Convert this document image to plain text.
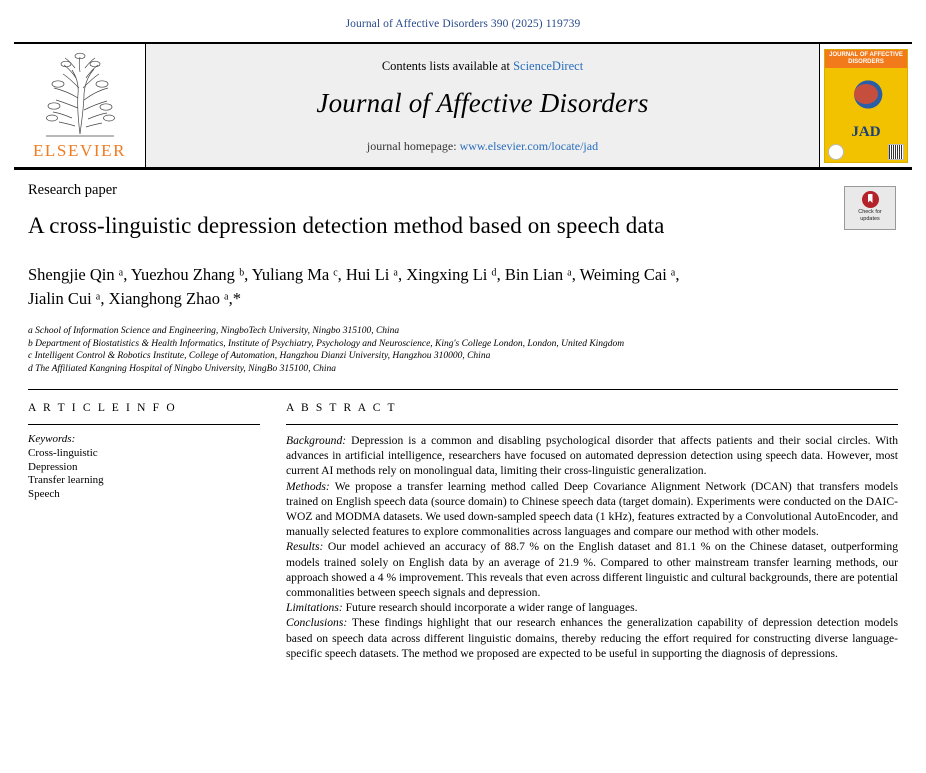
Journal of Affective Disorders 390 (2025) 119739
ELSEVIER
Contents lists available at ScienceDirect
Journal of Affective Disorders
journal homepage: www.elsevier.com/locate/jad
JOURNAL OF AFFECTIVE DISORDERS
JAD
Check for
updates
Research paper
A cross-linguistic depression detection method based on speech data
Shengjie Qin ᵃ, Yuezhou Zhang ᵇ, Yuliang Ma ᶜ, Hui Li ᵃ, Xingxing Li ᵈ, Bin Lian ᵃ, Weiming Cai ᵃ,
Jialin Cui ᵃ, Xianghong Zhao ᵃ,*
a School of Information Science and Engineering, NingboTech University, Ningbo 315100, China
b Department of Biostatistics & Health Informatics, Institute of Psychiatry, Psychology and Neuroscience, King's College London, London, United Kingdom
c Intelligent Control & Robotics Institute, College of Automation, Hangzhou Dianzi University, Hangzhou 310000, China
d The Affiliated Kangning Hospital of Ningbo University, NingBo 315100, China
A R T I C L E I N F O
Keywords:
Cross-linguistic
Depression
Transfer learning
Speech
A B S T R A C T
Background: Depression is a common and disabling psychological disorder that affects patients and their social circles. With advances in artificial intelligence, researchers have focused on automated depression detection using speech data. However, most current AI methods rely on monolingual data, limiting their cross-linguistic generalization.
Methods: We propose a transfer learning method called Deep Covariance Alignment Network (DCAN) that transfers models trained on English speech data (source domain) to Chinese speech data (target domain). Experiments were conducted on the DAIC-WOZ and MODMA datasets. We used down-sampled speech data (1 kHz), features extracted by a Convolutional AutoEncoder, and manually selected features to explore commonalities across languages and compare our method with other models.
Results: Our model achieved an accuracy of 88.7 % on the English dataset and 81.1 % on the Chinese dataset, outperforming models trained solely on English data by an average of 21.9 %. Compared to other mainstream transfer learning methods, our approach showed a 4 % improvement. This reveals that even across different linguistic and cultural backgrounds, there are potential commonalities between speech signals and depression.
Limitations: Future research should incorporate a wider range of languages.
Conclusions: These findings highlight that our research enhances the generalization capability of depression detection models based on speech data across different linguistic domains, thereby reducing the effort required for constructing diverse language-specific speech datasets. The method we proposed are expected to be useful in supporting the diagnosis of depressions.
